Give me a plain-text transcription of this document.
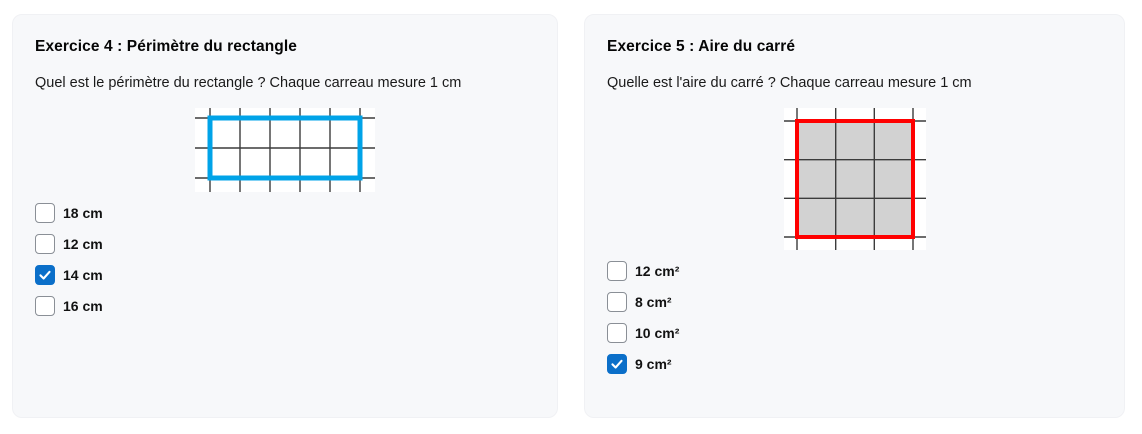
Exercice 4 : Périmètre du rectangle

Quel est le périmètre du rectangle ? Chaque carreau mesure 1 cm

18 cm
12 cm
14 cm
16 cm
Exercice 5 : Aire du carré

Quelle est l'aire du carré ? Chaque carreau mesure 1 cm

12 cm²
8 cm²
10 cm²
9 cm²
